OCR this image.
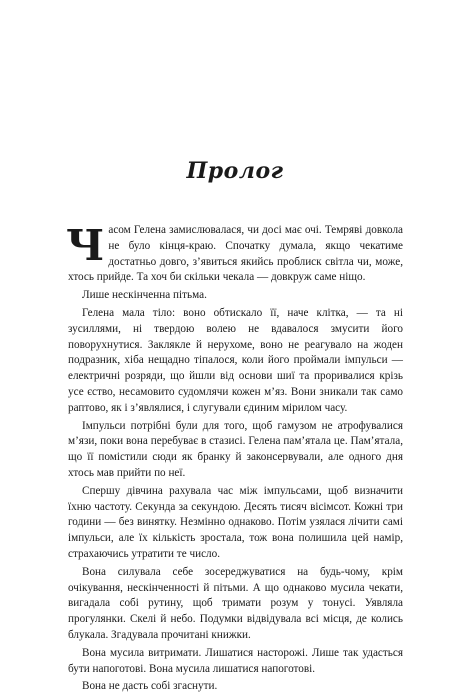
Пролог

Часом Гелена замислювалася, чи досі має очі. Темряві довкола не було кінця-краю. Спочатку думала, якщо чекатиме достатньо довго, з’явиться якийсь проблиск світла чи, може, хтось прийде. Та хоч би скільки чекала — довкруж саме ніщо.

Лише нескінченна пітьма.

Гелена мала тіло: воно обтискало її, наче клітка, — та ні зусиллями, ні твердою волею не вдавалося змусити його поворухнутися. Заклякле й нерухоме, воно не реагувало на жоден подразник, хіба нещадно тіпалося, коли його проймали імпульси — електричні розряди, що йшли від основи шиї та проривалися крізь усе єство, несамовито судомлячи кожен м’яз. Вони зникали так само раптово, як і з’являлися, і слугували єдиним мірилом часу.

Імпульси потрібні були для того, щоб гамузом не атрофувалися м’язи, поки вона перебуває в стазисі. Гелена пам’ятала це. Пам’ятала, що її помістили сюди як бранку й законсервували, але одного дня хтось мав прийти по неї.

Спершу дівчина рахувала час між імпульсами, щоб визначити їхню частоту. Секунда за секундою. Десять тисяч вісімсот. Кожні три години — без винятку. Незмінно однаково. Потім узялася лічити самі імпульси, але їх кількість зростала, тож вона полишила цей намір, страхаючись утратити те число.

Вона силувала себе зосереджуватися на будь-чому, крім очікування, нескінченності й пітьми. А що однаково мусила чекати, вигадала собі рутину, щоб тримати розум у тонусі. Уявляла прогулянки. Скелі й небо. Подумки відвідувала всі місця, де колись блукала. Згадувала прочитані книжки.

Вона мусила витримати. Лишатися насторожі. Лише так удасться бути напоготові. Вона мусила лишатися напоготові.

Вона не дасть собі згаснути.
